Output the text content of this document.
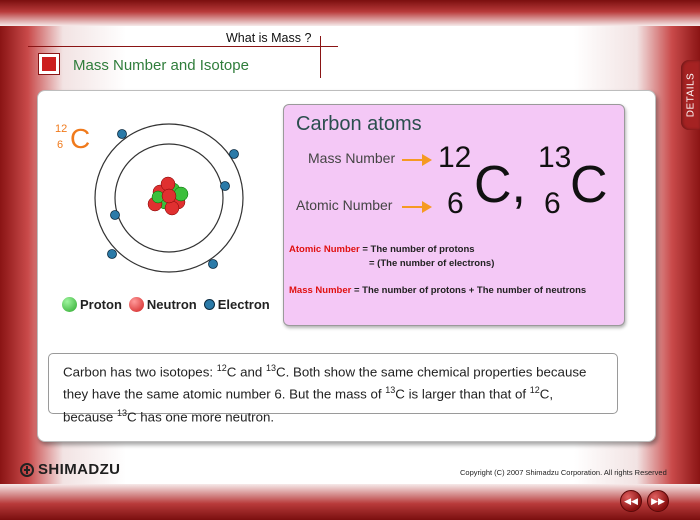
What is Mass ?
Mass Number and Isotope
DETAILS
12
6 C
Proton Neutron Electron
Carbon atoms
Mass Number
Atomic Number
12
6 C, 13
6 C
Atomic Number = The number of protons
= (The number of electrons)
Mass Number = The number of protons + The number of neutrons
Carbon has two isotopes: $^{12}$C and $^{13}$C. Both show the same chemical properties because they have the same atomic number 6. But the mass of $^{13}$C is larger than that of $^{12}$C, because $^{13}$C has one more neutron.
SHIMADZU	Copyright (C) 2007 Shimadzu Corporation. All rights Reserved
◀◀ ▶▶
